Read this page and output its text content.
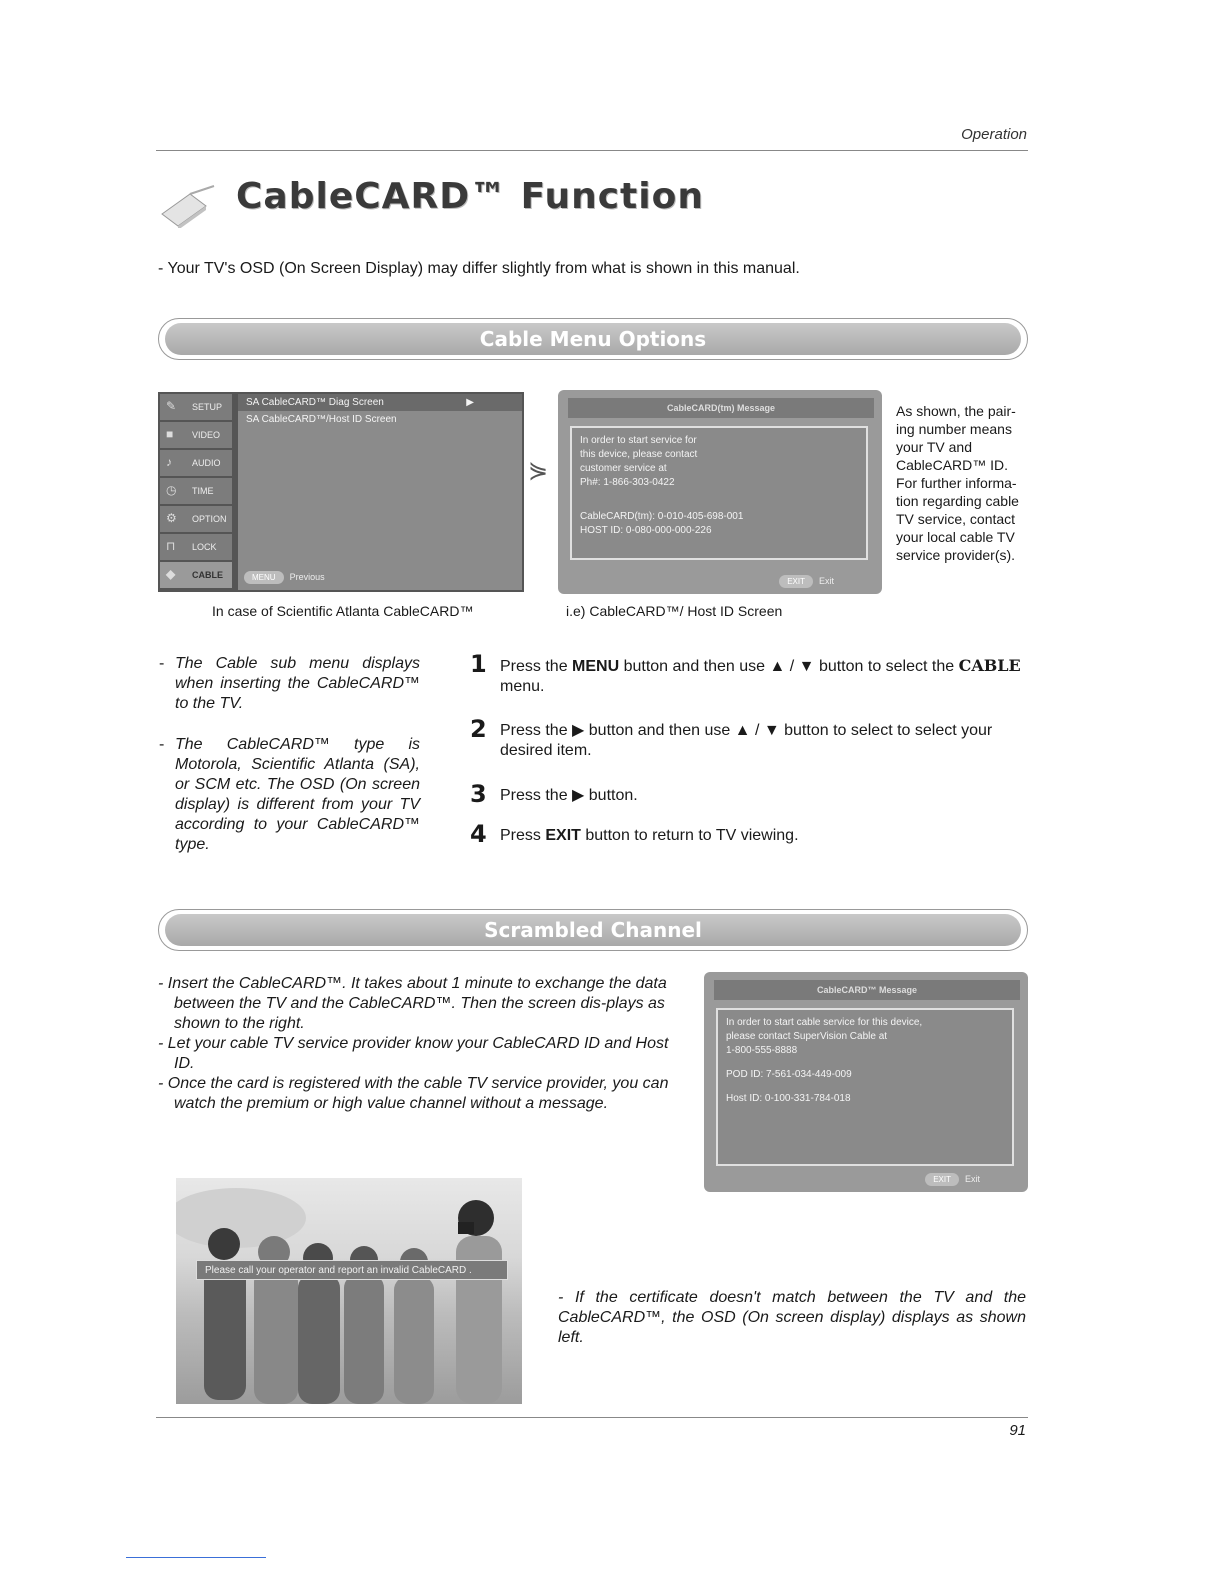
Operation
CableCARD™ Function
- Your TV's OSD (On Screen Display) may differ slightly from what is shown in this manual.
Cable Menu Options
✎	SETUP
■	VIDEO
♪	AUDIO
◷	TIME
⚙	OPTION
⊓	LOCK
◆	CABLE
SA CableCARD™ Diag Screen	▶
SA CableCARD™/Host ID Screen
MENU Previous
⋟
CableCARD(tm) Message
In order to start service for
this device, please contact
customer service at
Ph#: 1-866-303-0422
CableCARD(tm): 0-010-405-698-001
HOST ID: 0-080-000-000-226
EXIT Exit
As shown, the pair-ing number means your TV and CableCARD™ ID. For further informa-tion regarding cable TV service, contact your local cable TV service provider(s).
In case of Scientific Atlanta CableCARD™	i.e) CableCARD™/ Host ID Screen
- The Cable sub menu displays when inserting the CableCARD™ to the TV.
- The CableCARD™ type is Motorola, Scientific Atlanta (SA), or SCM etc. The OSD (On screen display) is different from your TV according to your CableCARD™ type.
1 Press the MENU button and then use ▲ / ▼ button to select the CABLE menu.
2 Press the ▶ button and then use ▲ / ▼ button to select to select your desired item.
3 Press the ▶ button.
4 Press EXIT button to return to TV viewing.
Scrambled Channel

- Insert the CableCARD™. It takes about 1 minute to exchange the data between the TV and the CableCARD™. Then the screen dis-plays as shown to the right.

- Let your cable TV service provider know your CableCARD ID and Host ID.

- Once the card is registered with the cable TV service provider, you can watch the premium or high value channel without a message.

CableCARD™ Message
In order to start cable service for this device,
please contact SuperVision Cable at
1-800-555-8888
POD ID: 7-561-034-449-009
Host ID: 0-100-331-784-018
EXIT Exit
Please call your operator and report an invalid CableCARD .
- If the certificate doesn't match between the TV and the CableCARD™, the OSD (On screen display) displays as shown left.
91
